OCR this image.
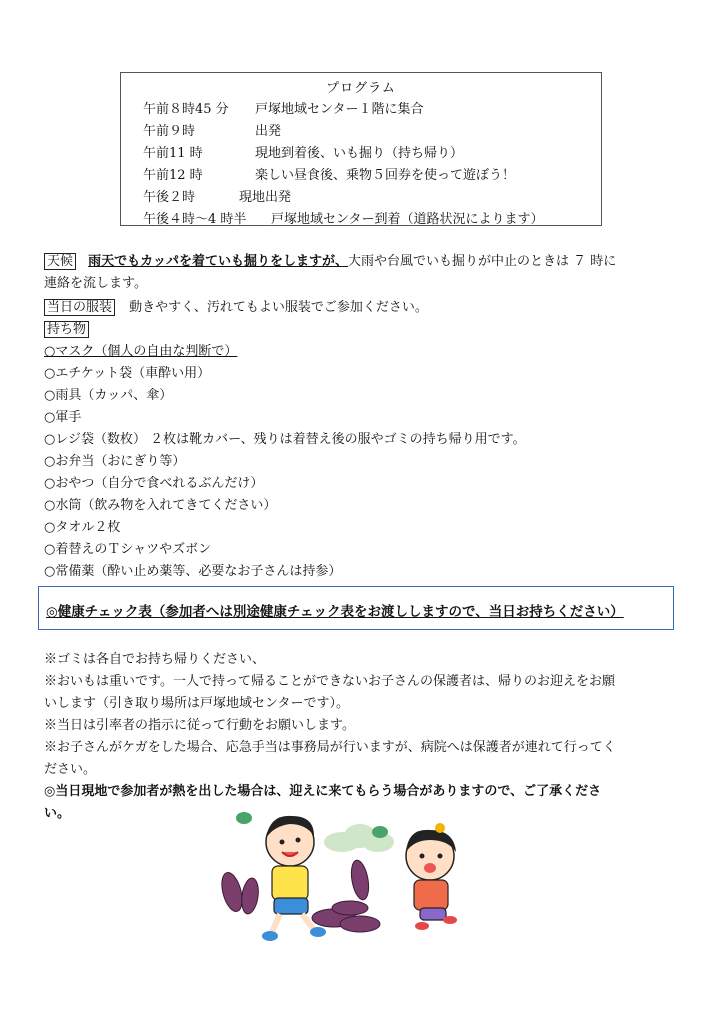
プログラム
午前８時45 分 戸塚地域センター１階に集合
午前９時	出発
午前11 時	現地到着後、いも掘り（持ち帰り）
午前12 時	楽しい昼食後、乗物５回券を使って遊ぼう！
午後２時	現地出発
午後４時～4 時半 戸塚地域センター到着（道路状況によります）
天候 雨天でもカッパを着ていも掘りをしますが、大雨や台風でいも掘りが中止のときは ７ 時に
連絡を流します。
当日の服装 動きやすく、汚れてもよい服装でご参加ください。
持ち物
○マスク（個人の自由な判断で）
○エチケット袋（車酔い用）
○雨具（カッパ、傘）
○軍手
○レジ袋（数枚） ２枚は靴カバー、残りは着替え後の服やゴミの持ち帰り用です。
○お弁当（おにぎり等）
○おやつ（自分で食べれるぶんだけ）
○水筒（飲み物を入れてきてください）
○タオル２枚
○着替えのＴシャツやズボン
○常備薬（酔い止め薬等、必要なお子さんは持参）
◎健康チェック表（参加者へは別途健康チェック表をお渡ししますので、当日お持ちください）
※ゴミは各自でお持ち帰りください、
※おいもは重いです。一人で持って帰ることができないお子さんの保護者は、帰りのお迎えをお願
いします（引き取り場所は戸塚地域センターです）。
※当日は引率者の指示に従って行動をお願いします。
※お子さんがケガをした場合、応急手当は事務局が行いますが、病院へは保護者が連れて行ってく
ださい。
◎当日現地で参加者が熱を出した場合は、迎えに来てもらう場合がありますので、ご了承くださ
い。
